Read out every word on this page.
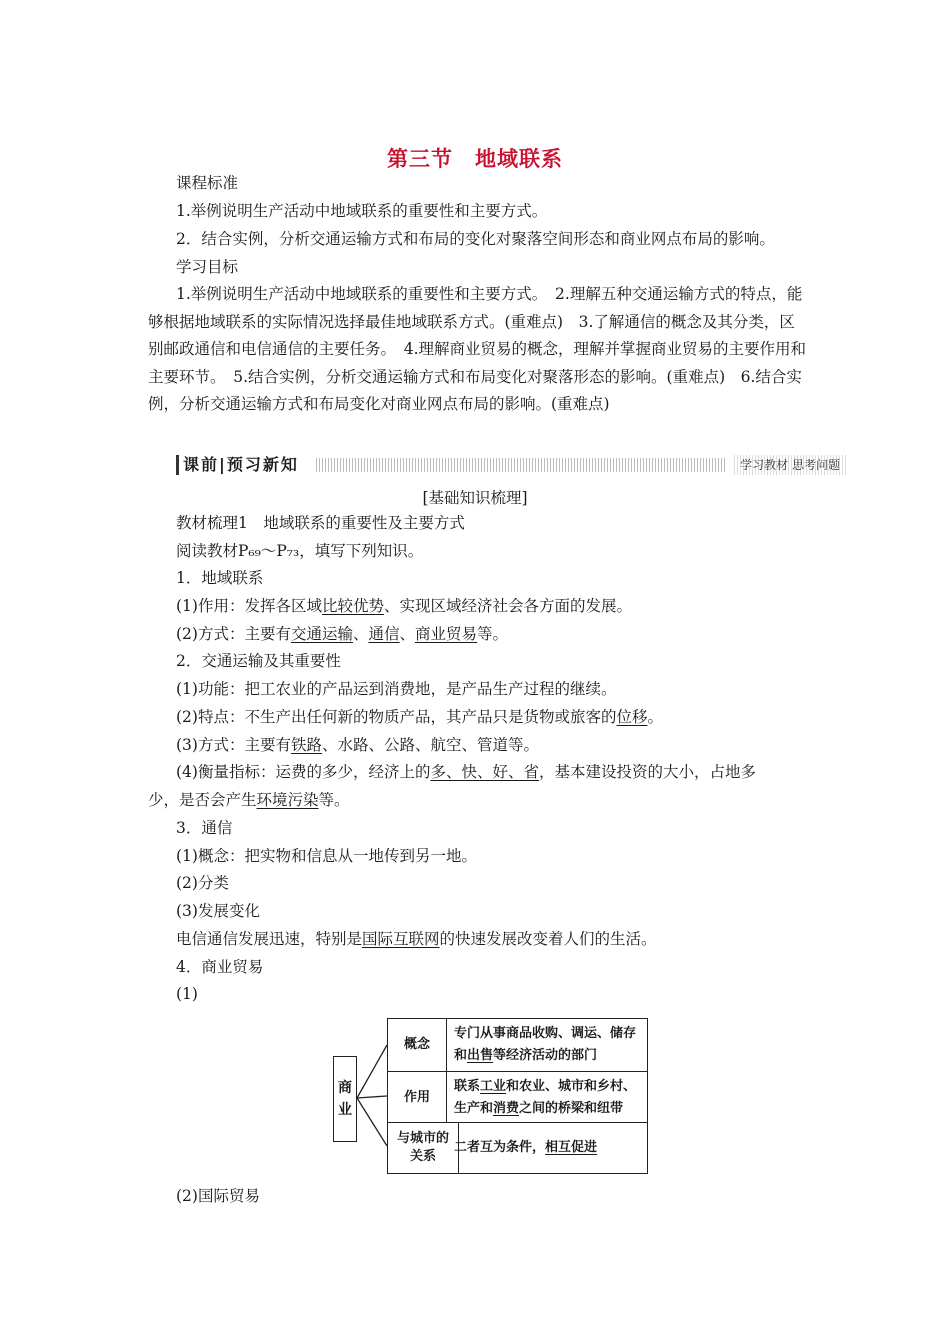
第三节　地域联系
课程标准
1.举例说明生产活动中地域联系的重要性和主要方式。
2．结合实例，分析交通运输方式和布局的变化对聚落空间形态和商业网点布局的影响。
学习目标
1.举例说明生产活动中地域联系的重要性和主要方式。　2.理解五种交通运输方式的特点，能够根据地域联系的实际情况选择最佳地域联系方式。(重难点)　3.了解通信的概念及其分类，区别邮政通信和电信通信的主要任务。　4.理解商业贸易的概念，理解并掌握商业贸易的主要作用和主要环节。　5.结合实例，分析交通运输方式和布局变化对聚落形态的影响。(重难点)　6.结合实例，分析交通运输方式和布局变化对商业网点布局的影响。(重难点)
课前|预习新知	学习教材 思考问题
[基础知识梳理]
教材梳理1　地域联系的重要性及主要方式
阅读教材P₆₉～P₇₃，填写下列知识。
1．地域联系
(1)作用：发挥各区域比较优势、实现区域经济社会各方面的发展。
(2)方式：主要有交通运输、通信、商业贸易等。
2．交通运输及其重要性
(1)功能：把工农业的产品运到消费地，是产品生产过程的继续。
(2)特点：不生产出任何新的物质产品，其产品只是货物或旅客的位移。
(3)方式：主要有铁路、水路、公路、航空、管道等。
(4)衡量指标：运费的多少，经济上的多、快、好、省，基本建设投资的大小，占地多
少，是否会产生环境污染等。
3．通信
(1)概念：把实物和信息从一地传到另一地。
(2)分类
(3)发展变化
电信通信发展迅速，特别是国际互联网的快速发展改变着人们的生活。
4．商业贸易
(1)
商
业
概念
专门从事商品收购、调运、储存和出售等经济活动的部门
作用
联系工业和农业、城市和乡村、生产和消费之间的桥梁和纽带
与城市的关系
二者互为条件，相互促进
(2)国际贸易
